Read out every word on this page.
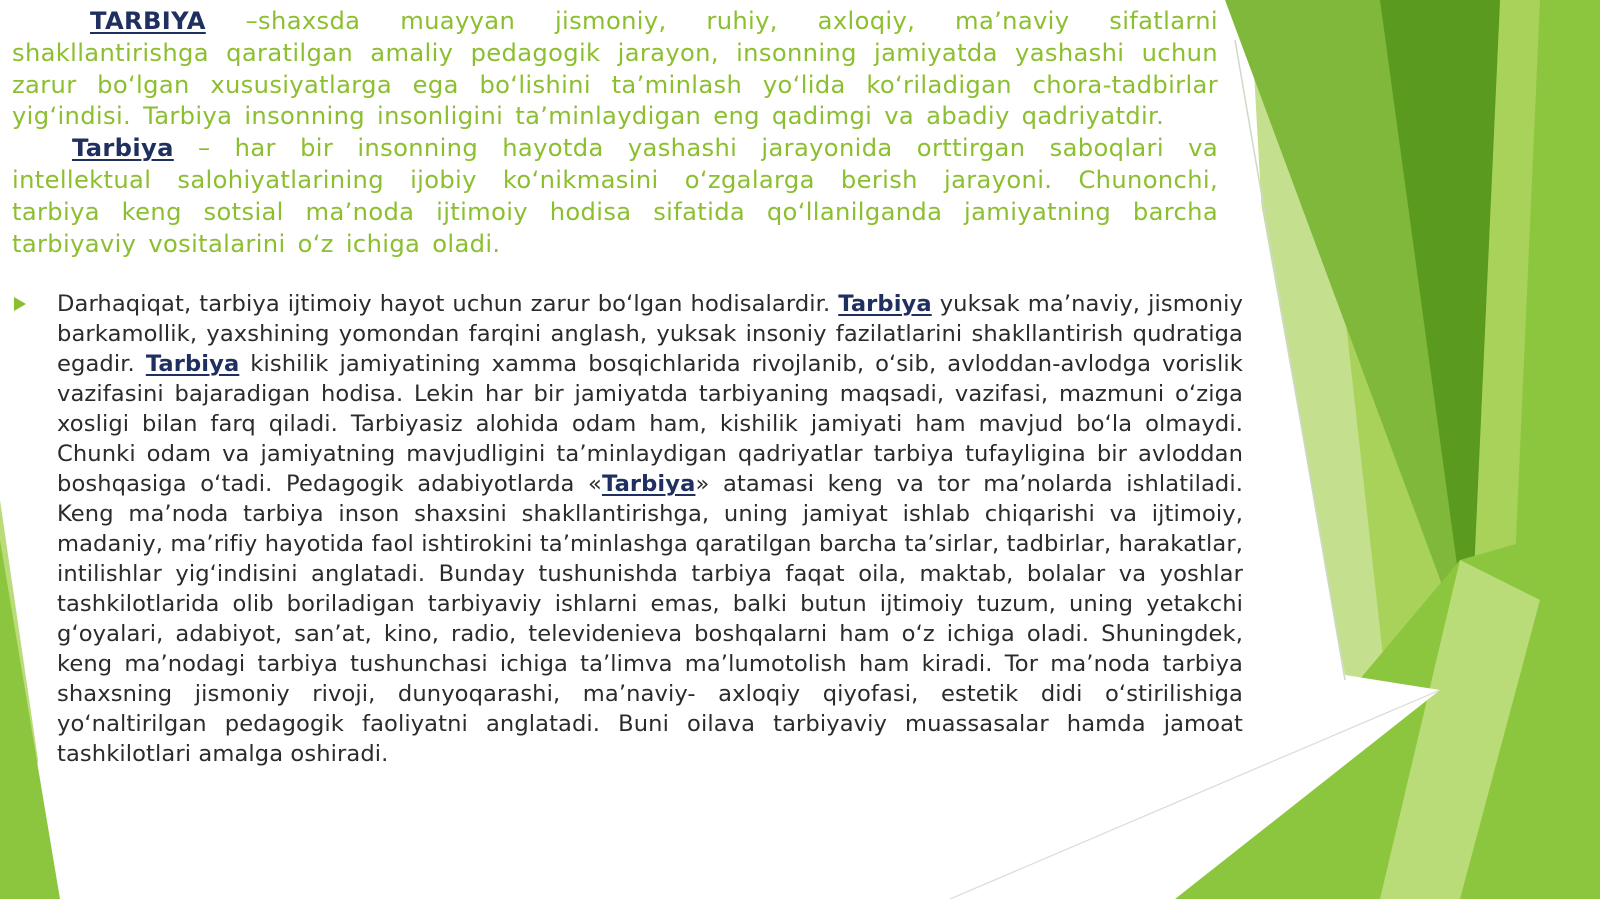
TARBIYA –shaxsda muayyan jismoniy, ruhiy, axloqiy, ma’naviy sifatlarni shakllantirishga qaratilgan amaliy pedagogik jarayon, insonning jamiyatda yashashi uchun zarur bo‘lgan xususiyatlarga ega bo‘lishini ta’minlash yo‘lida ko‘riladigan chora-tadbirlar yig‘indisi. Tarbiya insonning insonligini ta’minlaydigan eng qadimgi va abadiy qadriyatdir.

Tarbiya – har bir insonning hayotda yashashi jarayonida orttirgan saboqlari va intellektual salohiyatlarining ijobiy ko‘nikmasini o‘zgalarga berish jarayoni. Chunonchi, tarbiya keng sotsial ma’noda ijtimoiy hodisa sifatida qo‘llanilganda jamiyatning barcha tarbiyaviy vositalarini o‘z ichiga oladi.

Darhaqiqat, tarbiya ijtimoiy hayot uchun zarur bo‘lgan hodisalardir. Tarbiya yuksak ma’naviy, jismoniy barkamollik, yaxshining yomondan farqini anglash, yuksak insoniy fazilatlarini shakllantirish qudratiga egadir. Tarbiya kishilik jamiyatining xamma bosqichlarida rivojlanib, o‘sib, avloddan-avlodga vorislik vazifasini bajaradigan hodisa. Lekin har bir jamiyatda tarbiyaning maqsadi, vazifasi, mazmuni o‘ziga xosligi bilan farq qiladi. Tarbiyasiz alohida odam ham, kishilik jamiyati ham mavjud bo‘la olmaydi. Chunki odam va jamiyatning mavjudligini ta’minlaydigan qadriyatlar tarbiya tufayligina bir avloddan boshqasiga o‘tadi. Pedagogik adabiyotlarda «Tarbiya» atamasi keng va tor ma’nolarda ishlatiladi. Keng ma’noda tarbiya inson shaxsini shakllantirishga, uning jamiyat ishlab chiqarishi va ijtimoiy, madaniy, ma’rifiy hayotida faol ishtirokini ta’minlashga qaratilgan barcha ta’sirlar, tadbirlar, harakatlar, intilishlar yig‘indisini anglatadi. Bunday tushunishda tarbiya faqat oila, maktab, bolalar va yoshlar tashkilotlarida olib boriladigan tarbiyaviy ishlarni emas, balki butun ijtimoiy tuzum, uning yetakchi g‘oyalari, adabiyot, san’at, kino, radio, televidenieva boshqalarni ham o‘z ichiga oladi. Shuningdek, keng ma’nodagi tarbiya tushunchasi ichiga ta’limva ma’lumotolish ham kiradi. Tor ma’noda tarbiya shaxsning jismoniy rivoji, dunyoqarashi, ma’naviy- axloqiy qiyofasi, estetik didi o‘stirilishiga yo‘naltirilgan pedagogik faoliyatni anglatadi. Buni oilava tarbiyaviy muassasalar hamda jamoat tashkilotlari amalga oshiradi.
